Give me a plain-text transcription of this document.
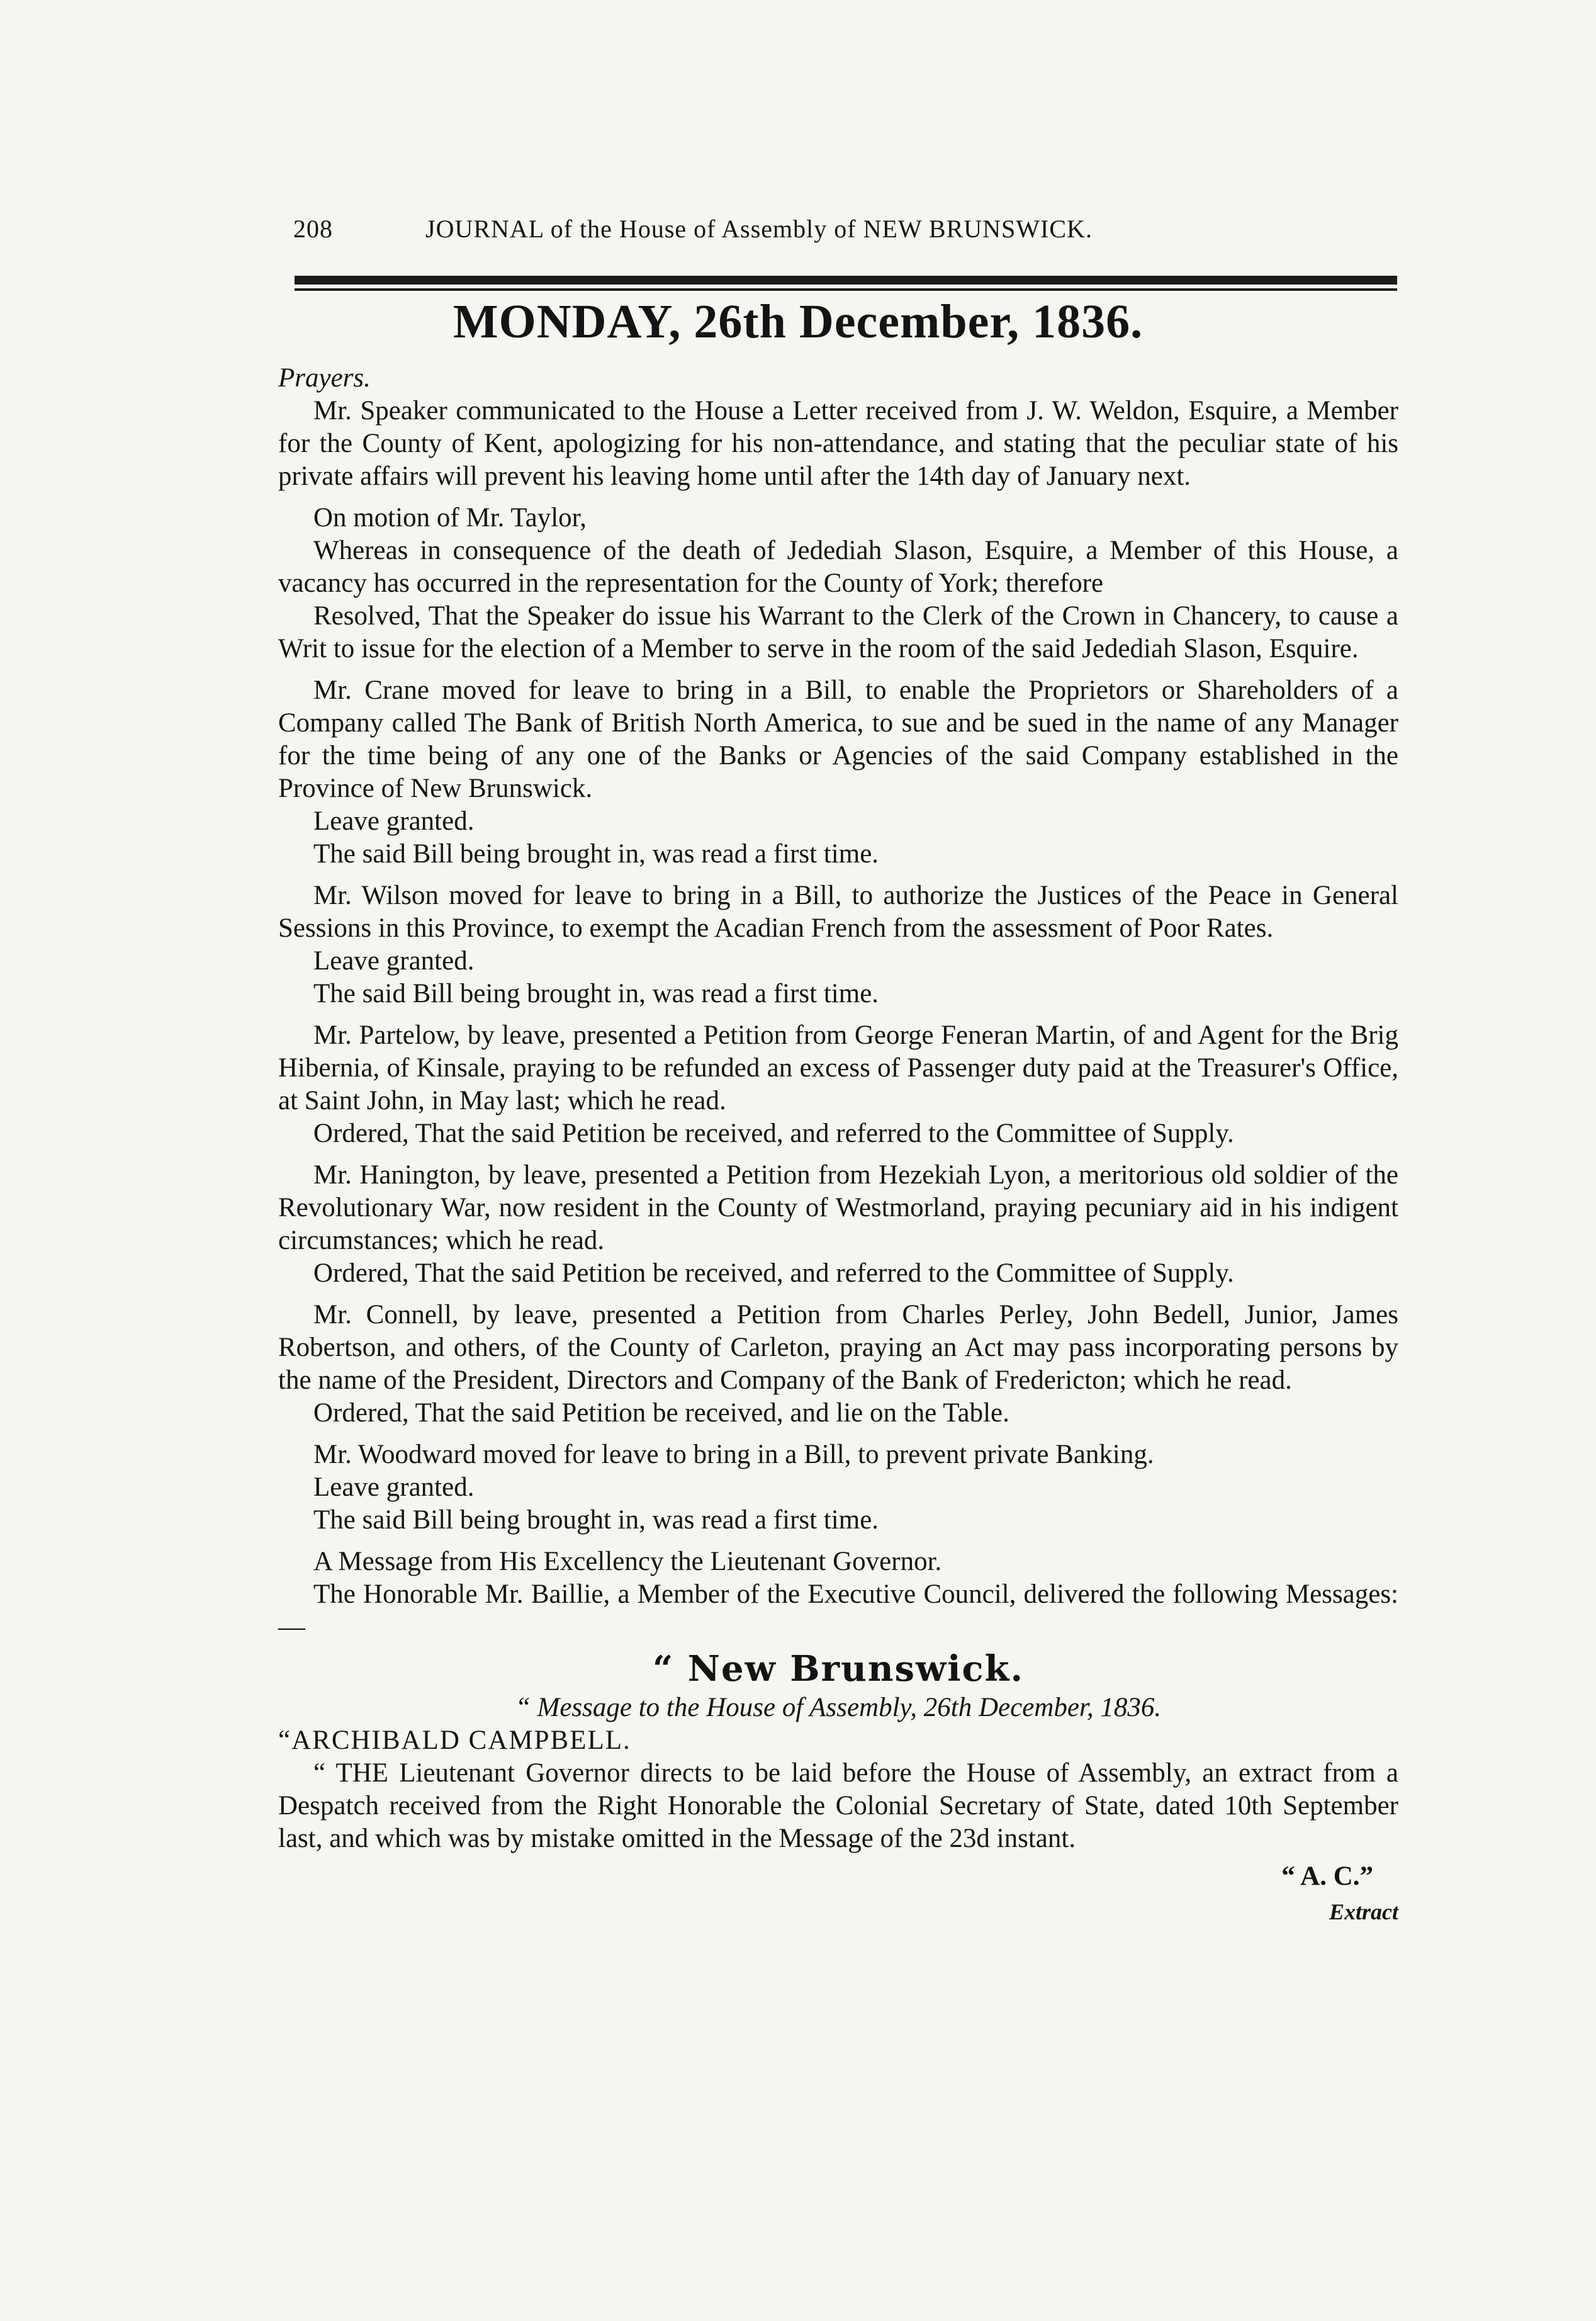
208	JOURNAL of the House of Assembly of NEW BRUNSWICK.
MONDAY, 26th December, 1836.

Prayers.

Mr. Speaker communicated to the House a Letter received from J. W. Weldon, Esquire, a Member for the County of Kent, apologizing for his non-attendance, and stating that the peculiar state of his private affairs will prevent his leaving home until after the 14th day of January next.

On motion of Mr. Taylor,

Whereas in consequence of the death of Jedediah Slason, Esquire, a Member of this House, a vacancy has occurred in the representation for the County of York; therefore

Resolved, That the Speaker do issue his Warrant to the Clerk of the Crown in Chancery, to cause a Writ to issue for the election of a Member to serve in the room of the said Jedediah Slason, Esquire.

Mr. Crane moved for leave to bring in a Bill, to enable the Proprietors or Shareholders of a Company called The Bank of British North America, to sue and be sued in the name of any Manager for the time being of any one of the Banks or Agencies of the said Company established in the Province of New Brunswick.

Leave granted.

The said Bill being brought in, was read a first time.

Mr. Wilson moved for leave to bring in a Bill, to authorize the Justices of the Peace in General Sessions in this Province, to exempt the Acadian French from the assessment of Poor Rates.

Leave granted.

The said Bill being brought in, was read a first time.

Mr. Partelow, by leave, presented a Petition from George Feneran Martin, of and Agent for the Brig Hibernia, of Kinsale, praying to be refunded an excess of Passenger duty paid at the Treasurer's Office, at Saint John, in May last; which he read.

Ordered, That the said Petition be received, and referred to the Committee of Supply.

Mr. Hanington, by leave, presented a Petition from Hezekiah Lyon, a meritorious old soldier of the Revolutionary War, now resident in the County of Westmorland, praying pecuniary aid in his indigent circumstances; which he read.

Ordered, That the said Petition be received, and referred to the Committee of Supply.

Mr. Connell, by leave, presented a Petition from Charles Perley, John Bedell, Junior, James Robertson, and others, of the County of Carleton, praying an Act may pass incorporating persons by the name of the President, Directors and Company of the Bank of Fredericton; which he read.

Ordered, That the said Petition be received, and lie on the Table.

Mr. Woodward moved for leave to bring in a Bill, to prevent private Banking.

Leave granted.

The said Bill being brought in, was read a first time.

A Message from His Excellency the Lieutenant Governor.

The Honorable Mr. Baillie, a Member of the Executive Council, delivered the following Messages:—

“ New Brunswick.

“ Message to the House of Assembly, 26th December, 1836.

“ARCHIBALD CAMPBELL.

“ THE Lieutenant Governor directs to be laid before the House of Assembly, an extract from a Despatch received from the Right Honorable the Colonial Secretary of State, dated 10th September last, and which was by mistake omitted in the Message of the 23d instant.

“ A. C.”

Extract
